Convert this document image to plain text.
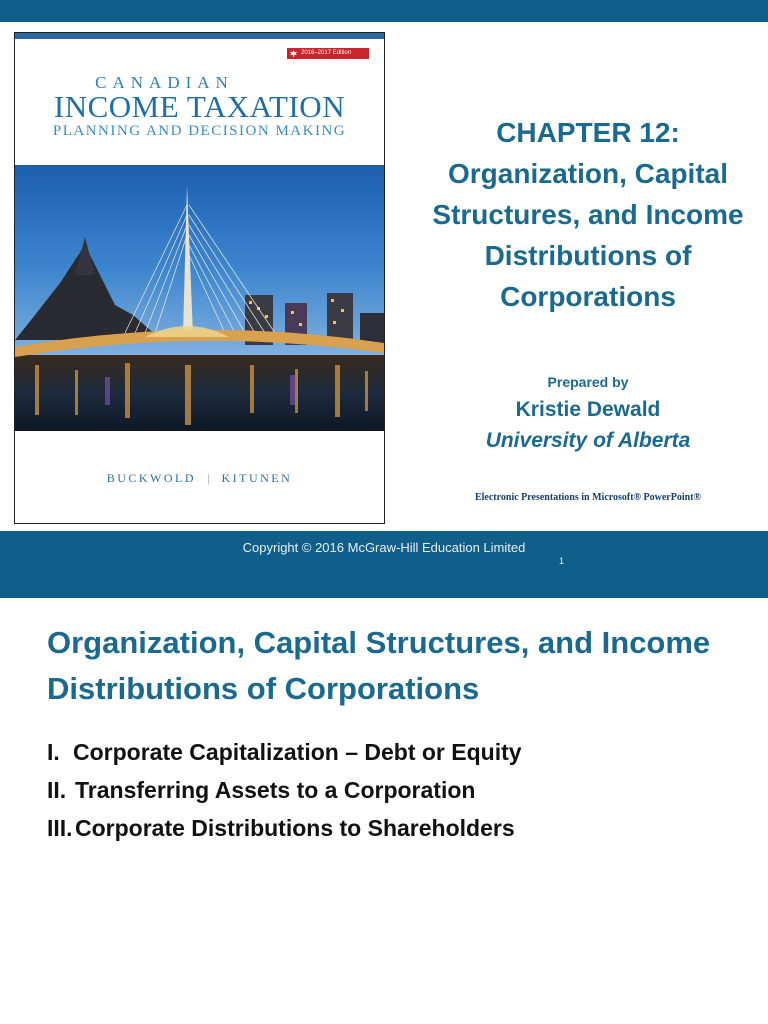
2016–2017 Edition
CANADIAN
INCOME TAXATION
PLANNING AND DECISION MAKING
BUCKWOLD | KITUNEN
CHAPTER 12:
Organization, Capital
Structures, and Income
Distributions of
Corporations
Prepared by
Kristie Dewald
University of Alberta
Electronic Presentations in Microsoft® PowerPoint®
Copyright © 2016 McGraw-Hill Education Limited
1
Organization, Capital Structures, and Income
Distributions of Corporations
I. Corporate Capitalization – Debt or Equity
II. Transferring Assets to a Corporation
III. Corporate Distributions to Shareholders
